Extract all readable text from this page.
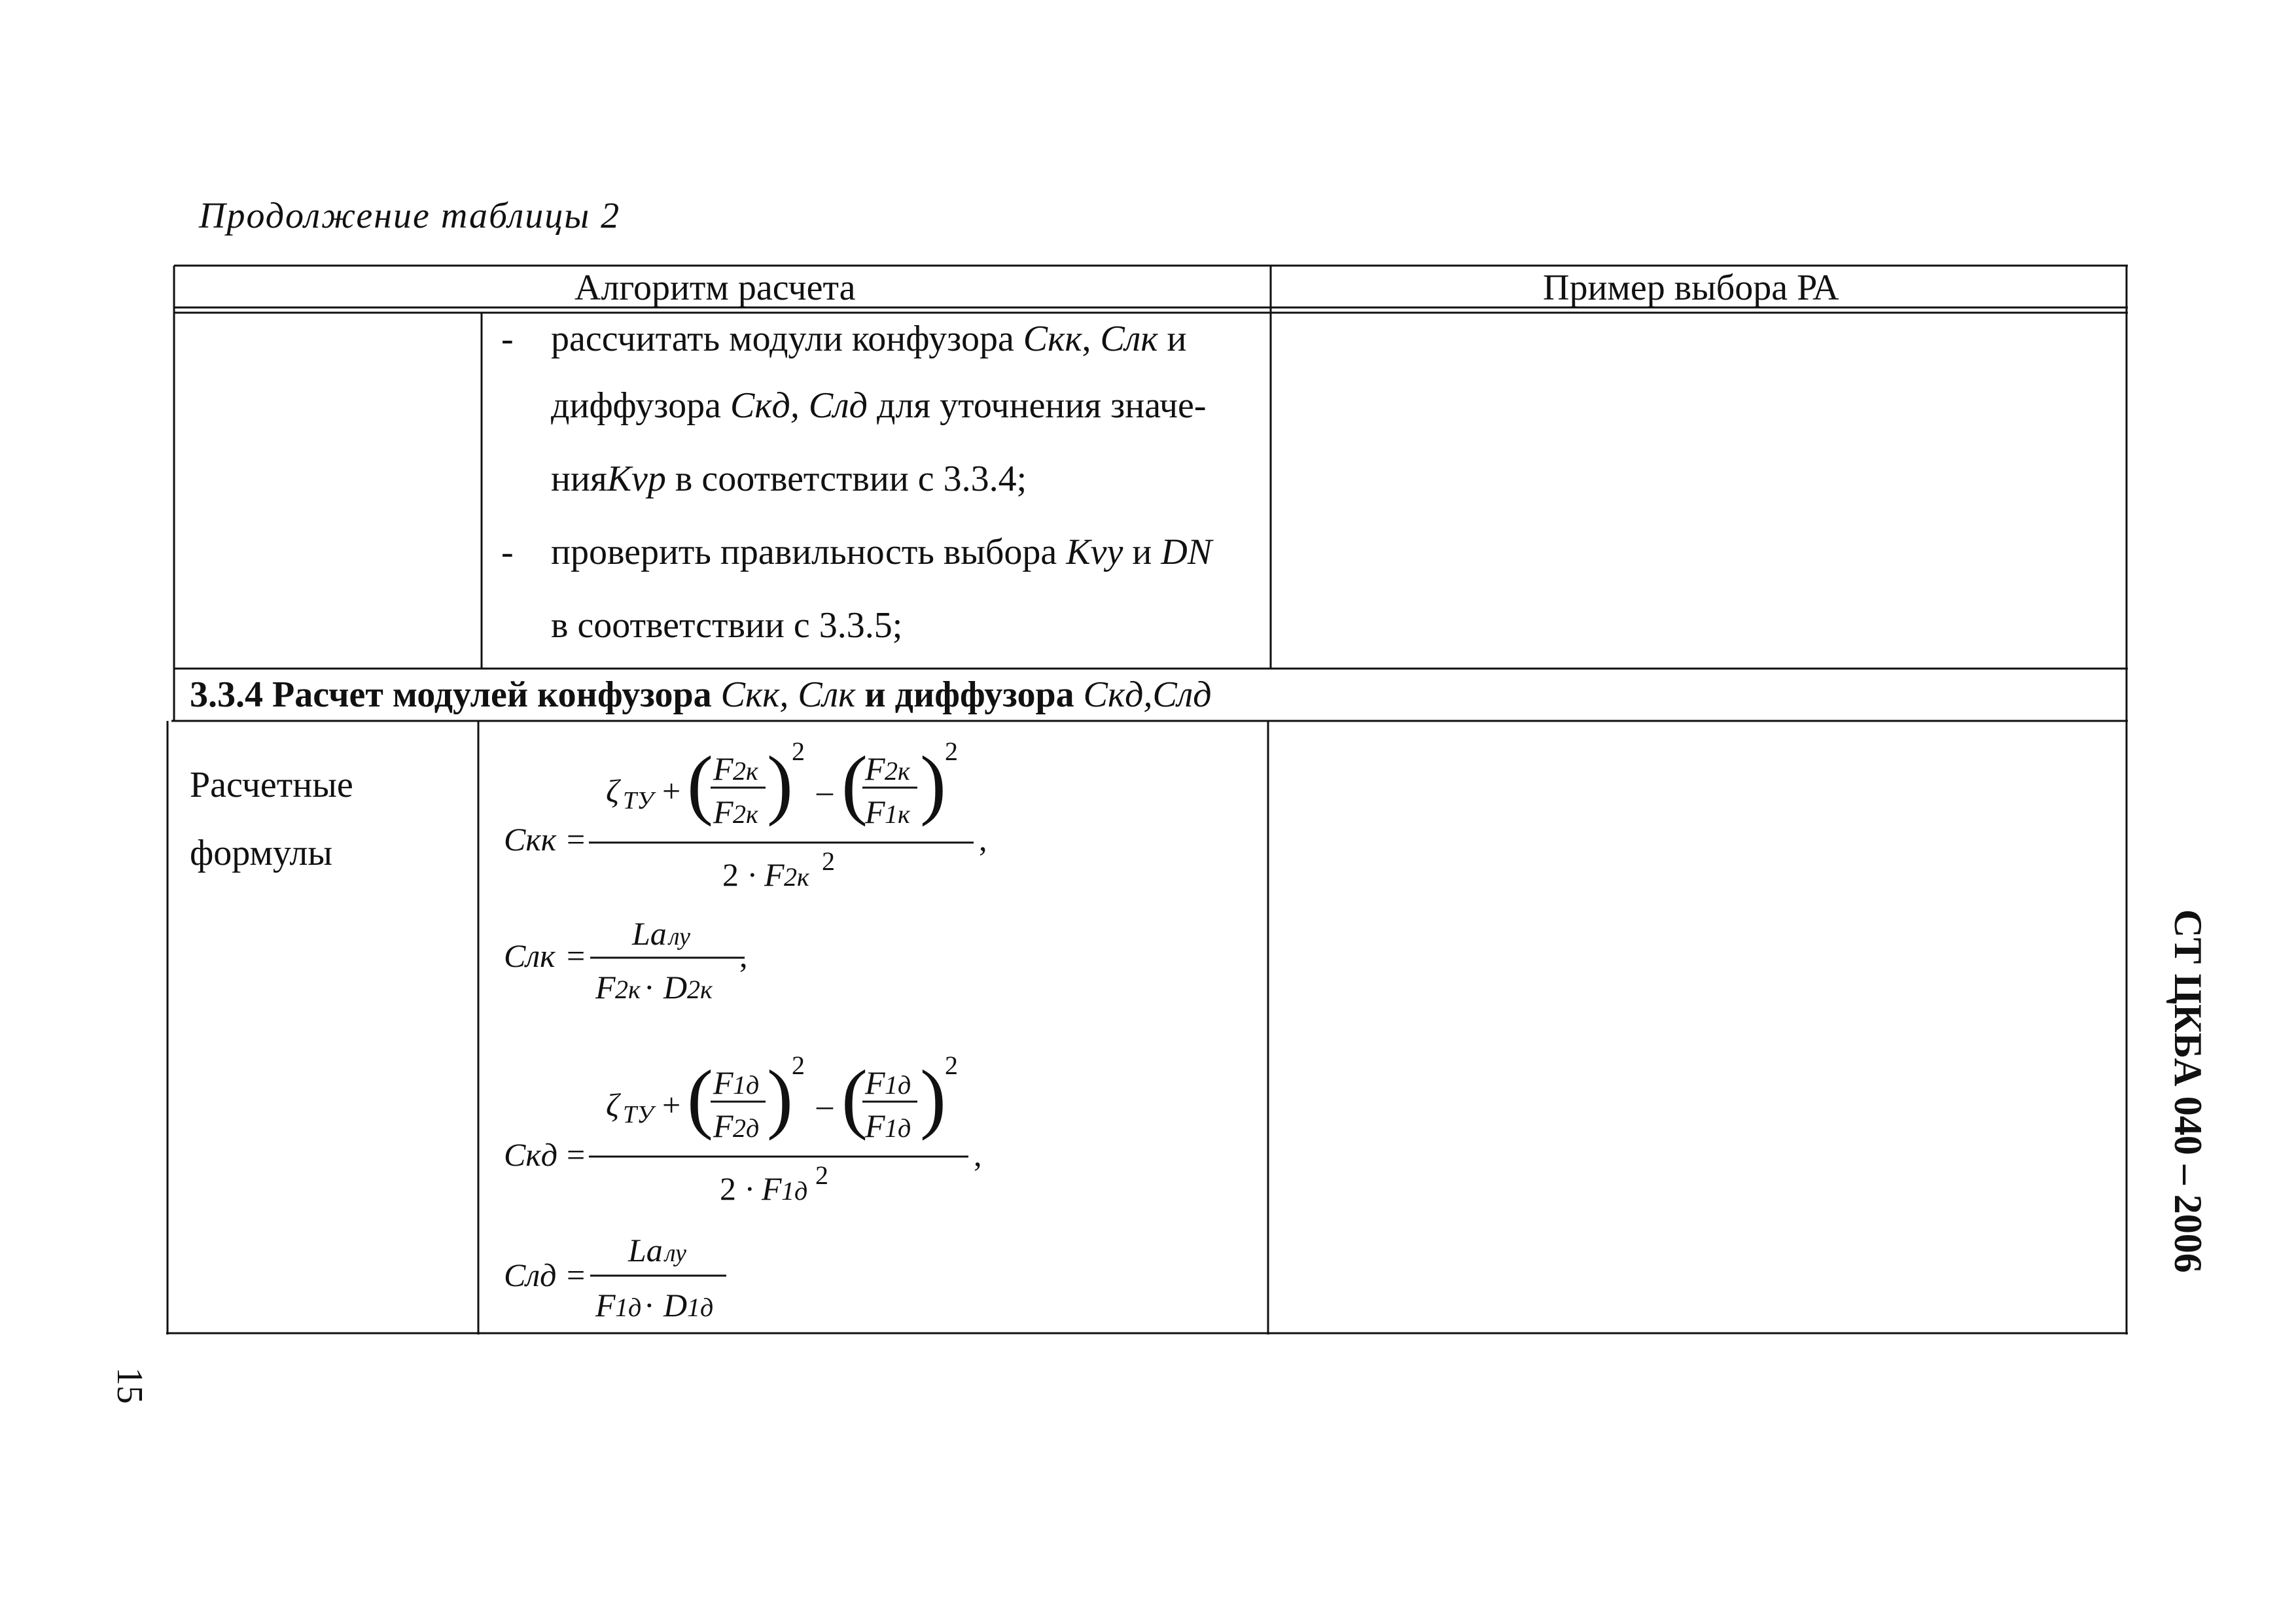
Продолжение таблицы 2
Алгоритм расчета	Пример выбора РА
- рассчитать модули конфузора Скк, Слк и
диффузора Скд, Слд для уточнения значе-
нияKvp в соответствии с 3.3.4;
- проверить правильность выбора Kvy и DN
в соответствии с 3.3.5;
3.3.4 Расчет модулей конфузора Скк, Слк и диффузора Скд,Слд
Расчетные
формулы	Скк =
ζ ТУ + ( F 2к
F 2к )
2
– (
F 2к
F 1к )
2
,
2 · F 2к
2
Слк =
La лу
F 2к · D 2к
,
Скд =
ζ ТУ + ( F 1д
F 2д )
2
– (
F 1д
F 1д )
2
,
2 · F 1д
2
Слд =
La лу
F 1д · D 1д
СТ ЦКБА 040 – 2006
15
